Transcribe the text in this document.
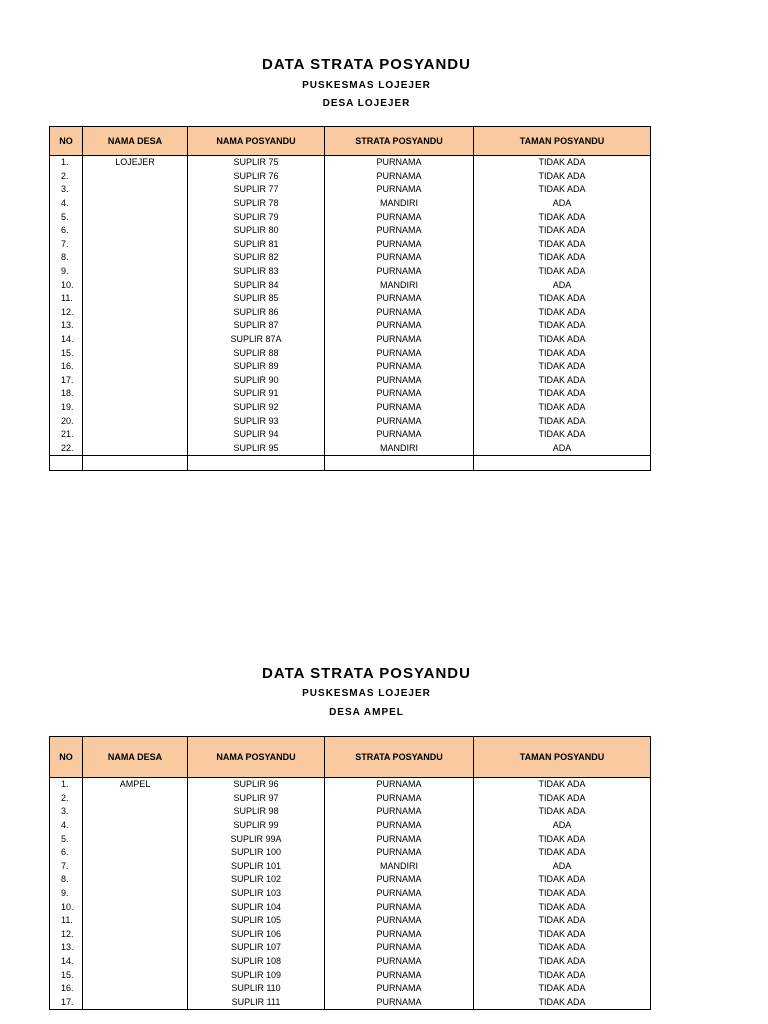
DATA STRATA POSYANDU
PUSKESMAS LOJEJER
DESA LOJEJER
NO	NAMA DESA	NAMA POSYANDU	STRATA POSYANDU	TAMAN POSYANDU
1.	LOJEJER	SUPLIR 75	PURNAMA	TIDAK ADA
2.		SUPLIR 76	PURNAMA	TIDAK ADA
3.		SUPLIR 77	PURNAMA	TIDAK ADA
4.		SUPLIR 78	MANDIRI	ADA
5.		SUPLIR 79	PURNAMA	TIDAK ADA
6.		SUPLIR 80	PURNAMA	TIDAK ADA
7.		SUPLIR 81	PURNAMA	TIDAK ADA
8.		SUPLIR 82	PURNAMA	TIDAK ADA
9.		SUPLIR 83	PURNAMA	TIDAK ADA
10.		SUPLIR 84	MANDIRI	ADA
11.		SUPLIR 85	PURNAMA	TIDAK ADA
12.		SUPLIR 86	PURNAMA	TIDAK ADA
13.		SUPLIR 87	PURNAMA	TIDAK ADA
14.		SUPLIR 87A	PURNAMA	TIDAK ADA
15.		SUPLIR 88	PURNAMA	TIDAK ADA
16.		SUPLIR 89	PURNAMA	TIDAK ADA
17.		SUPLIR 90	PURNAMA	TIDAK ADA
18.		SUPLIR 91	PURNAMA	TIDAK ADA
19.		SUPLIR 92	PURNAMA	TIDAK ADA
20.		SUPLIR 93	PURNAMA	TIDAK ADA
21.		SUPLIR 94	PURNAMA	TIDAK ADA
22.		SUPLIR 95	MANDIRI	ADA

DATA STRATA POSYANDU
PUSKESMAS LOJEJER
DESA AMPEL
NO	NAMA DESA	NAMA POSYANDU	STRATA POSYANDU	TAMAN POSYANDU
1.	AMPEL	SUPLIR 96	PURNAMA	TIDAK ADA
2.		SUPLIR 97	PURNAMA	TIDAK ADA
3.		SUPLIR 98	PURNAMA	TIDAK ADA
4.		SUPLIR 99	PURNAMA	ADA
5.		SUPLIR 99A	PURNAMA	TIDAK ADA
6.		SUPLIR 100	PURNAMA	TIDAK ADA
7.		SUPLIR 101	MANDIRI	ADA
8.		SUPLIR 102	PURNAMA	TIDAK ADA
9.		SUPLIR 103	PURNAMA	TIDAK ADA
10.		SUPLIR 104	PURNAMA	TIDAK ADA
11.		SUPLIR 105	PURNAMA	TIDAK ADA
12.		SUPLIR 106	PURNAMA	TIDAK ADA
13.		SUPLIR 107	PURNAMA	TIDAK ADA
14.		SUPLIR 108	PURNAMA	TIDAK ADA
15.		SUPLIR 109	PURNAMA	TIDAK ADA
16.		SUPLIR 110	PURNAMA	TIDAK ADA
17.		SUPLIR 111	PURNAMA	TIDAK ADA
